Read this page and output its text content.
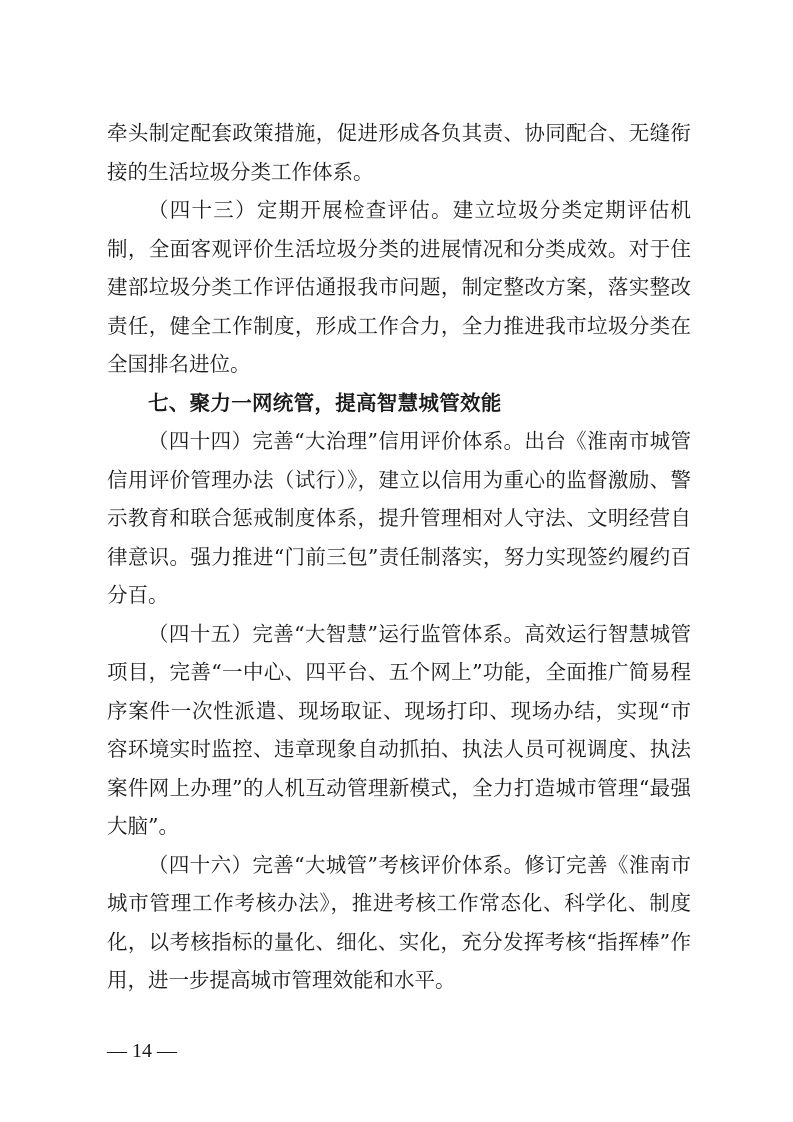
牵头制定配套政策措施，促进形成各负其责、协同配合、无缝衔接的生活垃圾分类工作体系。

（四十三）定期开展检查评估。建立垃圾分类定期评估机制，全面客观评价生活垃圾分类的进展情况和分类成效。对于住建部垃圾分类工作评估通报我市问题，制定整改方案，落实整改责任，健全工作制度，形成工作合力，全力推进我市垃圾分类在全国排名进位。

七、聚力一网统管，提高智慧城管效能

（四十四）完善“大治理”信用评价体系。出台《淮南市城管信用评价管理办法（试行）》，建立以信用为重心的监督激励、警示教育和联合惩戒制度体系，提升管理相对人守法、文明经营自律意识。强力推进“门前三包”责任制落实，努力实现签约履约百分百。

（四十五）完善“大智慧”运行监管体系。高效运行智慧城管项目，完善“一中心、四平台、五个网上”功能，全面推广简易程序案件一次性派遣、现场取证、现场打印、现场办结，实现“市容环境实时监控、违章现象自动抓拍、执法人员可视调度、执法案件网上办理”的人机互动管理新模式，全力打造城市管理“最强大脑”。

（四十六）完善“大城管”考核评价体系。修订完善《淮南市城市管理工作考核办法》，推进考核工作常态化、科学化、制度化，以考核指标的量化、细化、实化，充分发挥考核“指挥棒”作用，进一步提高城市管理效能和水平。

— 14 —
